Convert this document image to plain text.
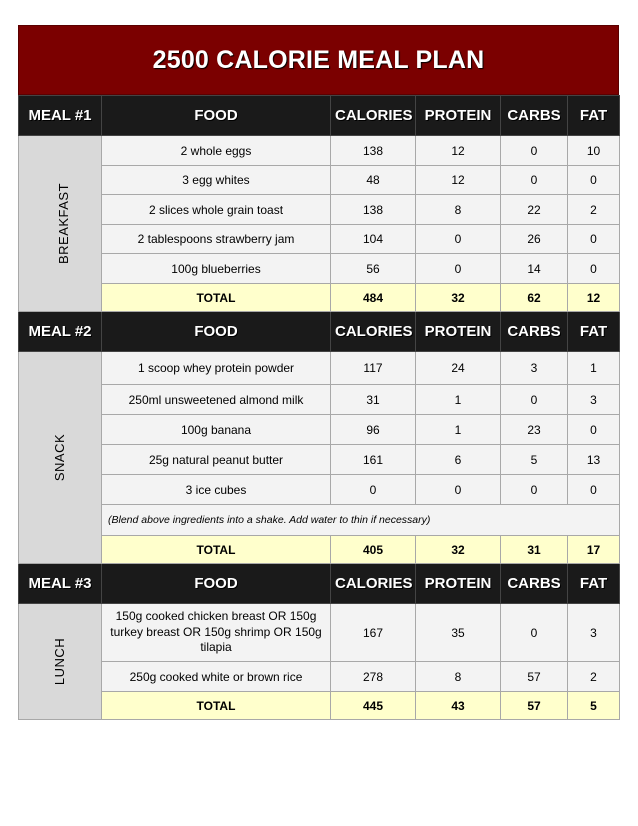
2500 CALORIE MEAL PLAN
MEAL #1	FOOD	CALORIES	PROTEIN	CARBS	FAT
BREAKFAST	2 whole eggs	138	12	0	10
	3 egg whites	48	12	0	0
	2 slices whole grain toast	138	8	22	2
	2 tablespoons strawberry jam	104	0	26	0
	100g blueberries	56	0	14	0
	TOTAL	484	32	62	12
MEAL #2	FOOD	CALORIES	PROTEIN	CARBS	FAT
SNACK	1 scoop whey protein powder	117	24	3	1
	250ml unsweetened almond milk	31	1	0	3
	100g banana	96	1	23	0
	25g natural peanut butter	161	6	5	13
	3 ice cubes	0	0	0	0
	(Blend above ingredients into a shake. Add water to thin if necessary)				
	TOTAL	405	32	31	17
MEAL #3	FOOD	CALORIES	PROTEIN	CARBS	FAT
LUNCH	150g cooked chicken breast OR 150g turkey breast OR 150g shrimp OR 150g tilapia	167	35	0	3
	250g cooked white or brown rice	278	8	57	2
	TOTAL	445	43	57	5
